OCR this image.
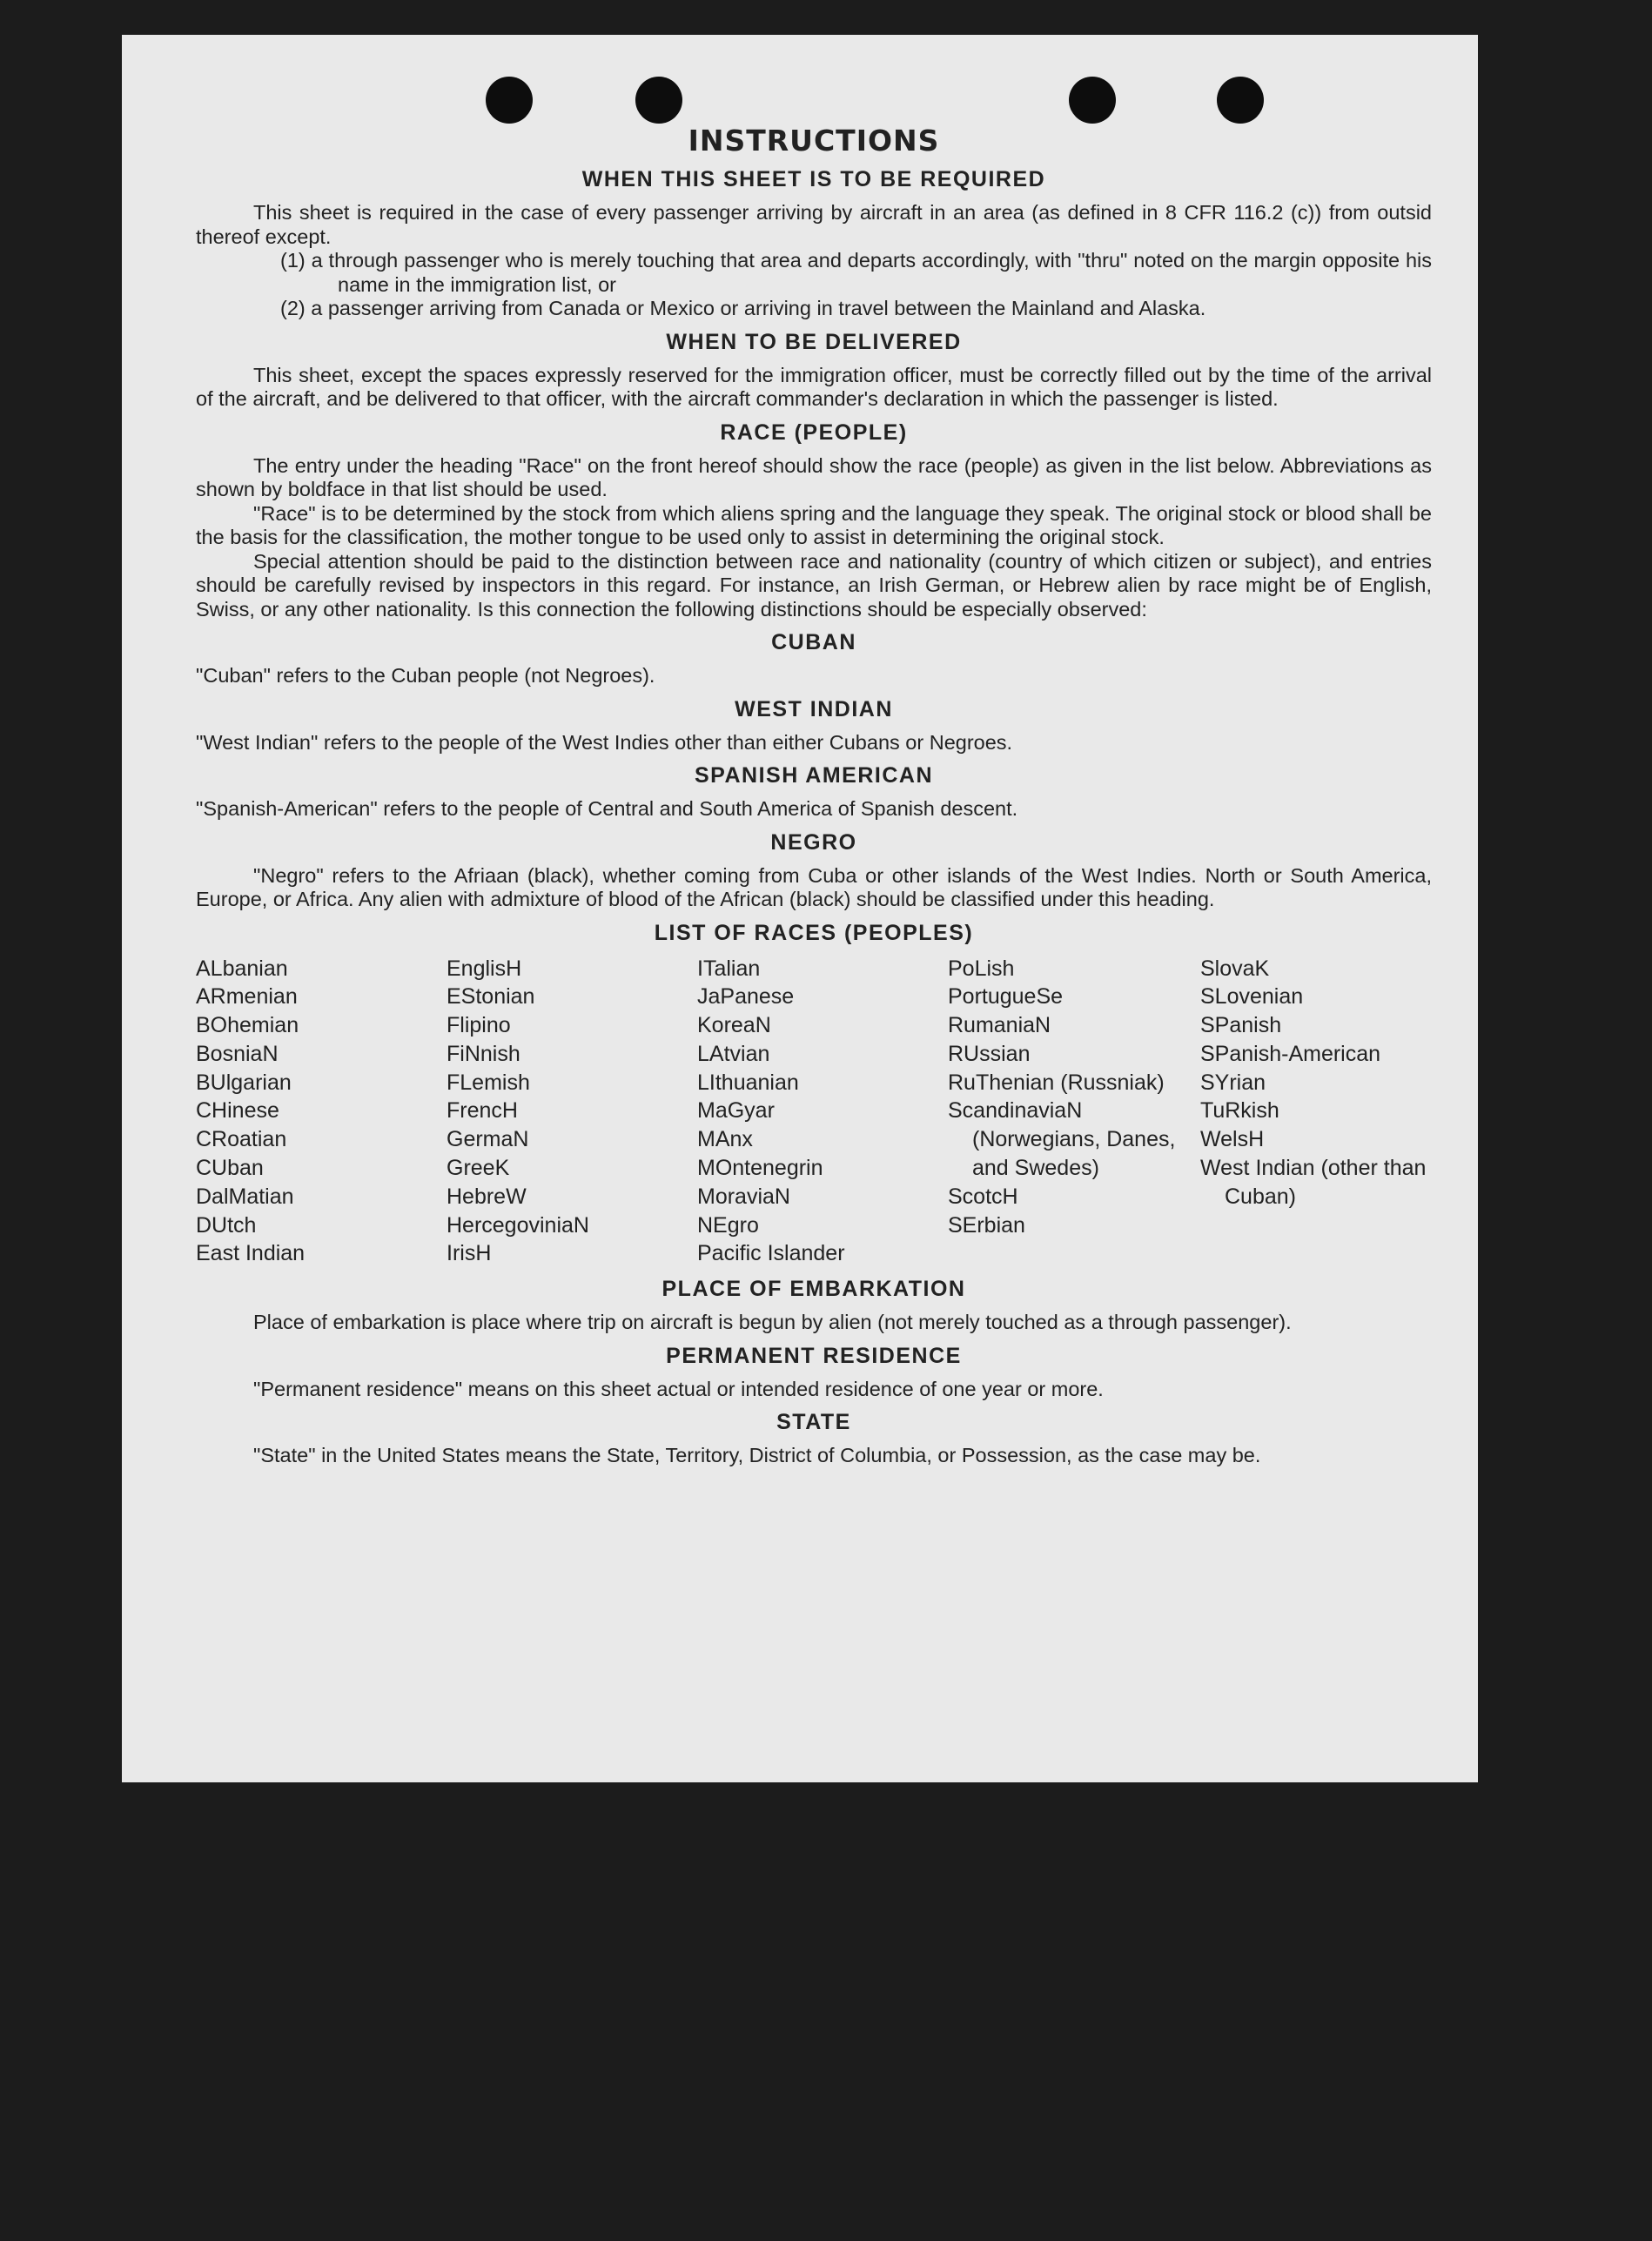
INSTRUCTIONS
WHEN THIS SHEET IS TO BE REQUIRED

This sheet is required in the case of every passenger arriving by aircraft in an area (as defined in 8 CFR 116.2 (c)) from outsid thereof except.

(1) a through passenger who is merely touching that area and departs accordingly, with "thru" noted on the margin opposite his name in the immigration list, or

(2) a passenger arriving from Canada or Mexico or arriving in travel between the Mainland and Alaska.

WHEN TO BE DELIVERED

This sheet, except the spaces expressly reserved for the immigration officer, must be correctly filled out by the time of the arrival of the aircraft, and be delivered to that officer, with the aircraft commander's declaration in which the passenger is listed.

RACE (PEOPLE)

The entry under the heading "Race" on the front hereof should show the race (people) as given in the list below. Abbreviations as shown by boldface in that list should be used.

"Race" is to be determined by the stock from which aliens spring and the language they speak. The original stock or blood shall be the basis for the classification, the mother tongue to be used only to assist in determining the original stock.

Special attention should be paid to the distinction between race and nationality (country of which citizen or subject), and entries should be carefully revised by inspectors in this regard. For instance, an Irish German, or Hebrew alien by race might be of English, Swiss, or any other nationality. Is this connection the following distinctions should be especially observed:

CUBAN

"Cuban" refers to the Cuban people (not Negroes).

WEST INDIAN

"West Indian" refers to the people of the West Indies other than either Cubans or Negroes.

SPANISH AMERICAN

"Spanish-American" refers to the people of Central and South America of Spanish descent.

NEGRO

"Negro" refers to the Afriaan (black), whether coming from Cuba or other islands of the West Indies. North or South America, Europe, or Africa. Any alien with admixture of blood of the African (black) should be classified under this heading.

LIST OF RACES (PEOPLES)
ALbanian
ARmenian
BOhemian
BosniaN
BUlgarian
CHinese
CRoatian
CUban
DalMatian
DUtch
East Indian
EnglisH
EStonian
Flipino
FiNnish
FLemish
FrencH
GermaN
GreeK
HebreW
HercegoviniaN
IrisH
ITalian
JaPanese
KoreaN
LAtvian
LIthuanian
MaGyar
MAnx
MOntenegrin
MoraviaN
NEgro
Pacific Islander
PoLish
PortugueSe
RumaniaN
RUssian
RuThenian (Russniak)
ScandinaviaN (Norwegians, Danes, and Swedes)
ScotcH
SErbian
SlovaK
SLovenian
SPanish
SPanish-American
SYrian
TuRkish
WelsH
West Indian (other than Cuban)
PLACE OF EMBARKATION

Place of embarkation is place where trip on aircraft is begun by alien (not merely touched as a through passenger).

PERMANENT RESIDENCE

"Permanent residence" means on this sheet actual or intended residence of one year or more.

STATE

"State" in the United States means the State, Territory, District of Columbia, or Possession, as the case may be.
